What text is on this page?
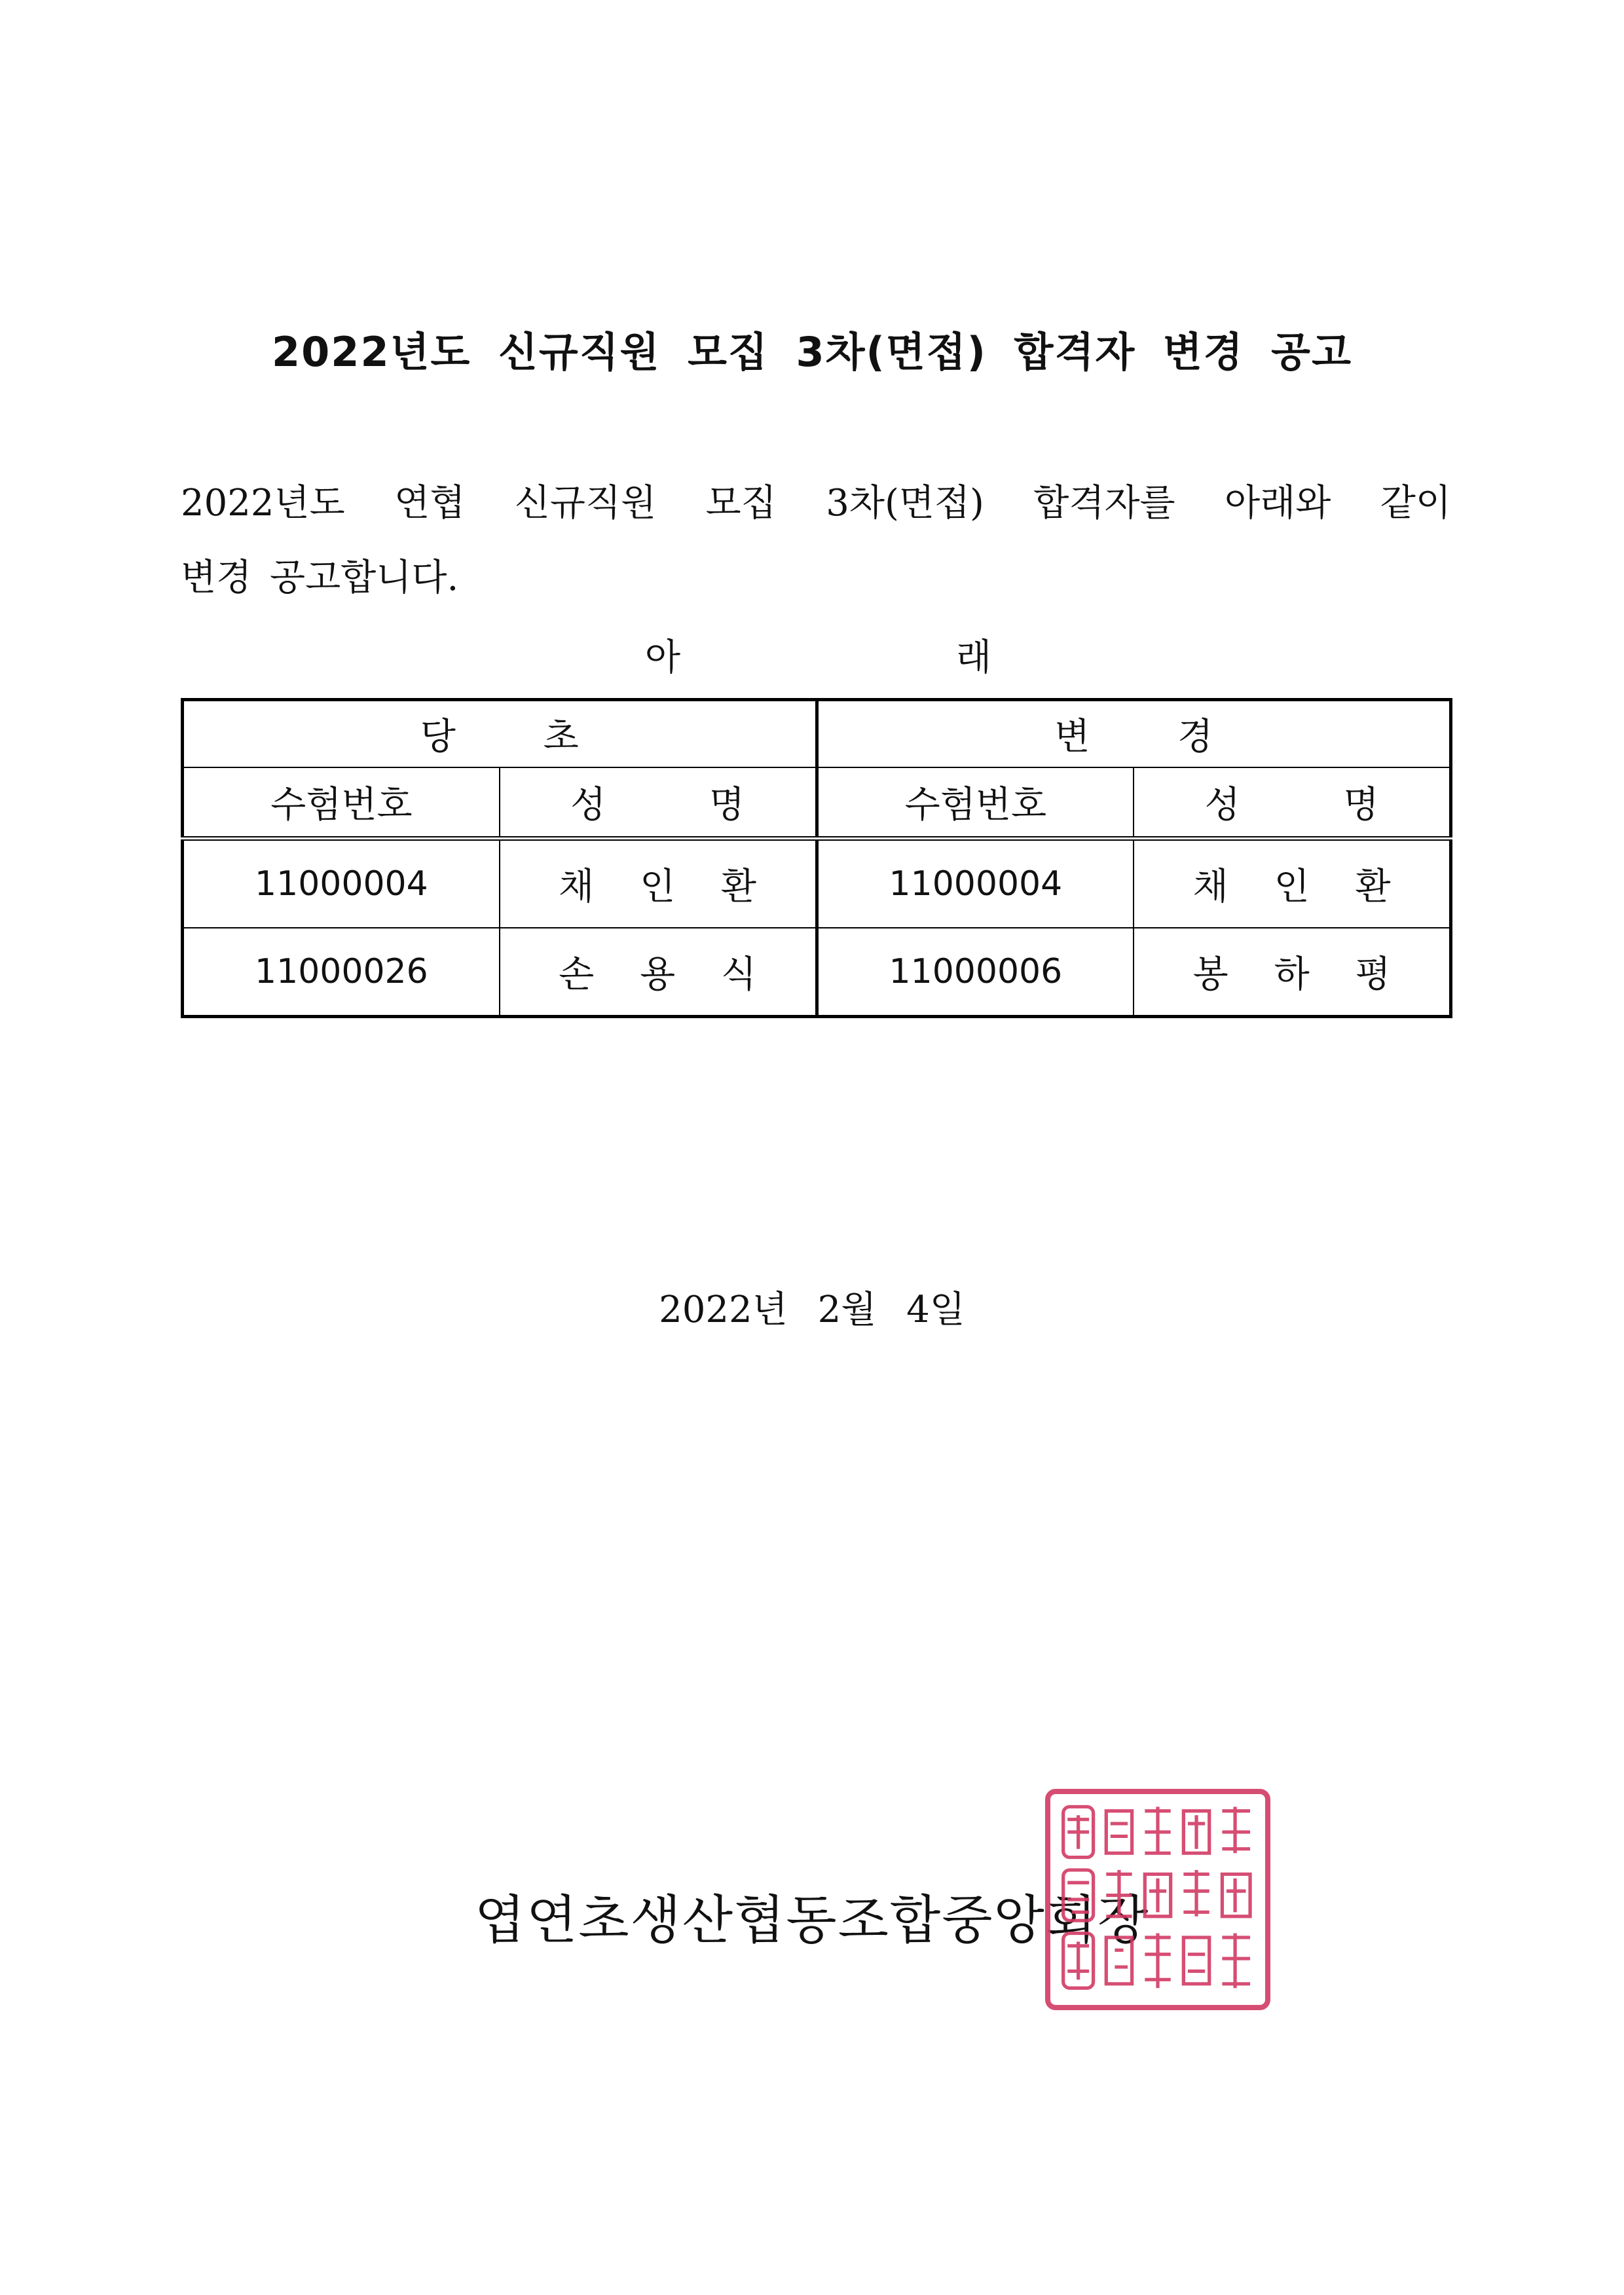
2022년도 신규직원 모집 3차(면접) 합격자 변경 공고
2022년도 연협 신규직원 모집 3차(면접) 합격자를 아래와 같이
변경 공고합니다.
아	래
당 초		변 경	
수험번호	성 명	수험번호	성 명
11000004	채 인 환	11000004	채 인 환
11000026	손 용 식	11000006	봉 하 평
2022년 2월 4일
엽연초생산협동조합중앙회장
